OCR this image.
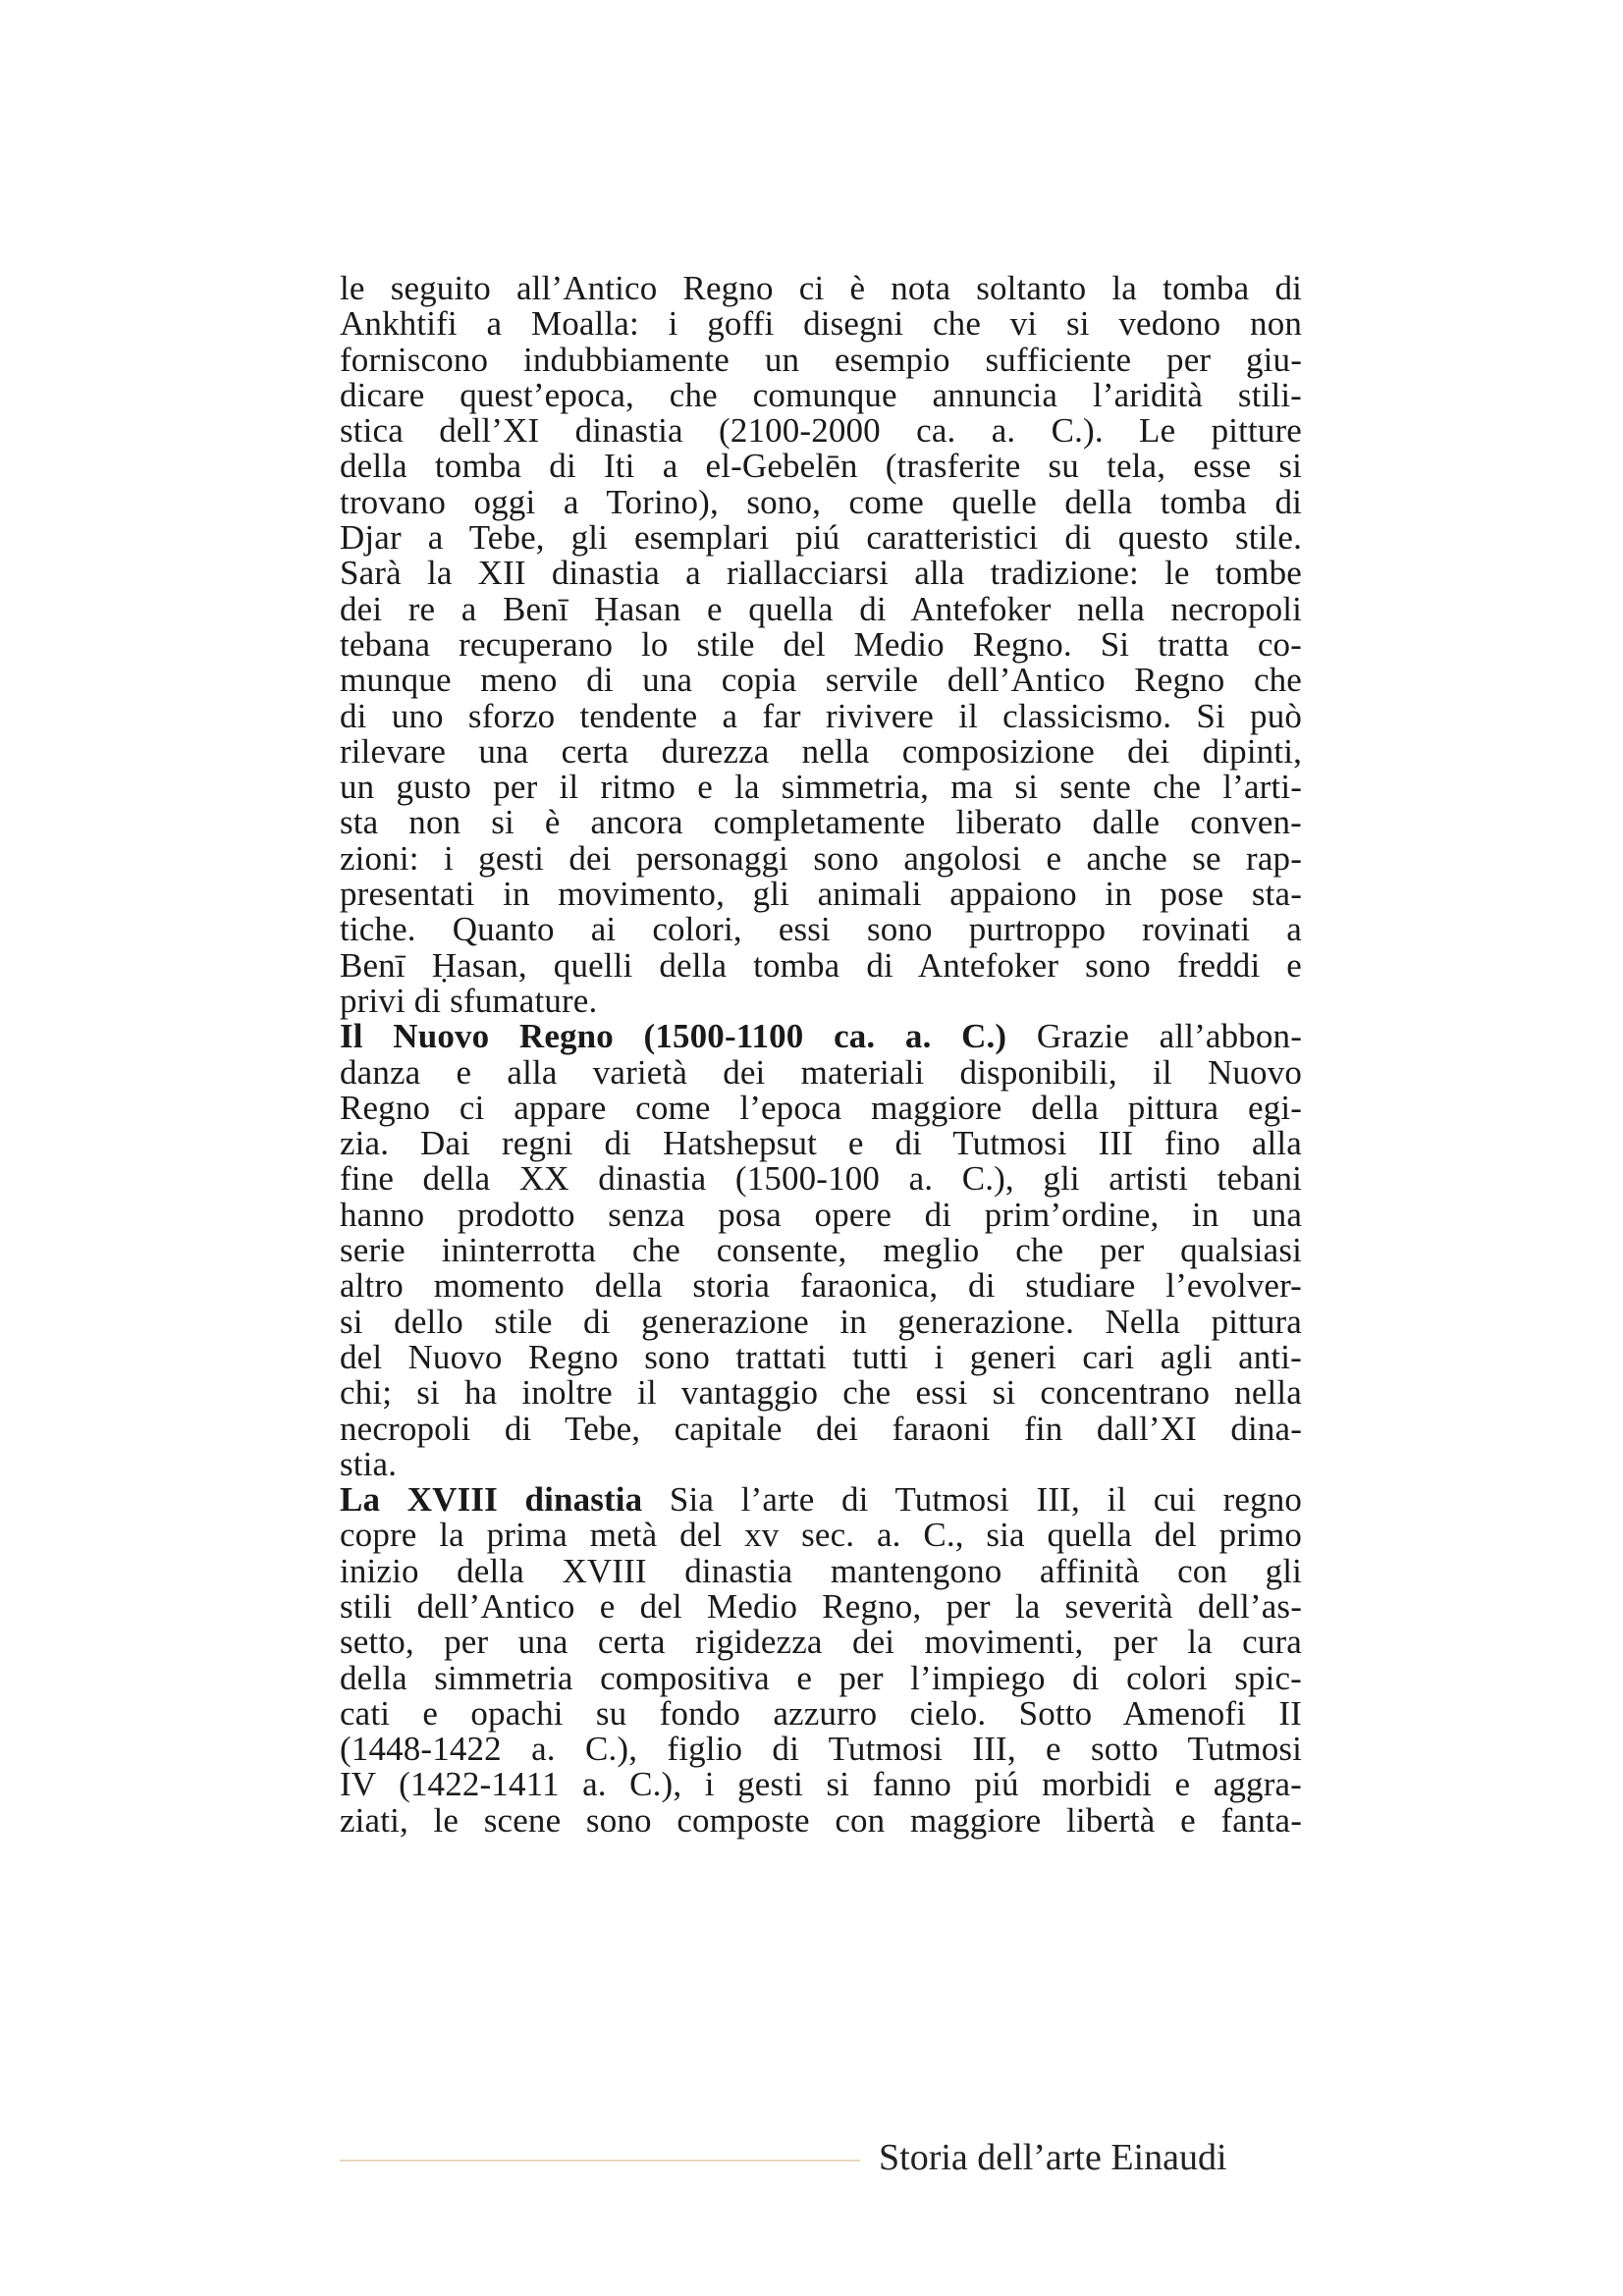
le seguito all’Antico Regno ci è nota soltanto la tomba di
Ankhtifi a Moalla: i goffi disegni che vi si vedono non
forniscono indubbiamente un esempio sufficiente per giu-
dicare quest’epoca, che comunque annuncia l’aridità stili-
stica dell’XI dinastia (2100-2000 ca. a. C.). Le pitture
della tomba di Iti a el-Gebelēn (trasferite su tela, esse si
trovano oggi a Torino), sono, come quelle della tomba di
Djar a Tebe, gli esemplari piú caratteristici di questo stile.
Sarà la XII dinastia a riallacciarsi alla tradizione: le tombe
dei re a Benī Ḥasan e quella di Antefoker nella necropoli
tebana recuperano lo stile del Medio Regno. Si tratta co-
munque meno di una copia servile dell’Antico Regno che
di uno sforzo tendente a far rivivere il classicismo. Si può
rilevare una certa durezza nella composizione dei dipinti,
un gusto per il ritmo e la simmetria, ma si sente che l’arti-
sta non si è ancora completamente liberato dalle conven-
zioni: i gesti dei personaggi sono angolosi e anche se rap-
presentati in movimento, gli animali appaiono in pose sta-
tiche. Quanto ai colori, essi sono purtroppo rovinati a
Benī Ḥasan, quelli della tomba di Antefoker sono freddi e
privi di sfumature.
Il Nuovo Regno (1500-1100 ca. a. C.) Grazie all’abbon-
danza e alla varietà dei materiali disponibili, il Nuovo
Regno ci appare come l’epoca maggiore della pittura egi-
zia. Dai regni di Hatshepsut e di Tutmosi III fino alla
fine della XX dinastia (1500-100 a. C.), gli artisti tebani
hanno prodotto senza posa opere di prim’ordine, in una
serie ininterrotta che consente, meglio che per qualsiasi
altro momento della storia faraonica, di studiare l’evolver-
si dello stile di generazione in generazione. Nella pittura
del Nuovo Regno sono trattati tutti i generi cari agli anti-
chi; si ha inoltre il vantaggio che essi si concentrano nella
necropoli di Tebe, capitale dei faraoni fin dall’XI dina-
stia.
La XVIII dinastia Sia l’arte di Tutmosi III, il cui regno
copre la prima metà del xv sec. a. C., sia quella del primo
inizio della XVIII dinastia mantengono affinità con gli
stili dell’Antico e del Medio Regno, per la severità dell’as-
setto, per una certa rigidezza dei movimenti, per la cura
della simmetria compositiva e per l’impiego di colori spic-
cati e opachi su fondo azzurro cielo. Sotto Amenofi II
(1448-1422 a. C.), figlio di Tutmosi III, e sotto Tutmosi
IV (1422-1411 a. C.), i gesti si fanno piú morbidi e aggra-
ziati, le scene sono composte con maggiore libertà e fanta-
Storia dell’arte Einaudi
